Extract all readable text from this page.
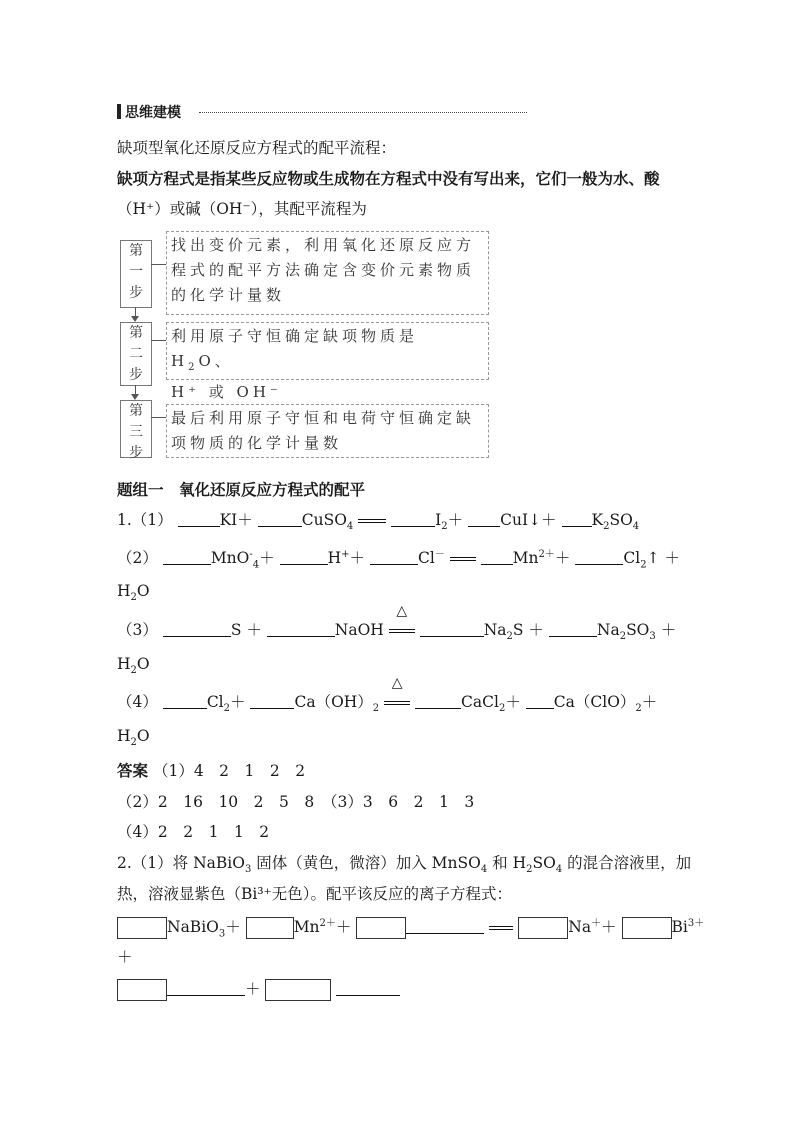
思维建模
缺项型氧化还原反应方程式的配平流程：
缺项方程式是指某些反应物或生成物在方程式中没有写出来，它们一般为水、酸
（H⁺）或碱（OH⁻），其配平流程为
第
一
步
找出变价元素，利用氧化还原反应方程式的配平方法确定含变价元素物质的化学计量数
第
二
步
利用原子守恒确定缺项物质是 $H_2O$、
H⁺ 或 OH⁻
第
三
步
最后利用原子守恒和电荷守恒确定缺项物质的化学计量数
题组一　氧化还原反应方程式的配平
1.（1）	KI＋	CuSO$_4$	$I_2+$ CuI↓＋ $K_2SO_4$
（2）	MnO-$_4$＋	H+＋	Cl－	$Mn^{2+}+$	$Cl_2↑$ ＋
$H_2O$
（3）	S ＋	NaOH
△
$Na_2S$ ＋	$Na_2SO_3$ ＋
$H_2O$
（4）	$Cl_2+$	$Ca(OH)_2$
△
CaCl$_2$＋ $Ca(ClO)_2+$
$H_2O$
答案 （1）4　2　1　2　2
（2）2　16　10　2　5　8　（3）3　6　2　1　3
（4）2　2　1　1　2
2.（1）将 NaBiO$_3$ 固体（黄色，微溶）加入 MnSO$_4$ 和 $H_2SO_4$ 的混合溶液里，加
热，溶液显紫色（Bi³⁺无色）。配平该反应的离子方程式：
NaBiO$_3$＋	$Mn^{2+}+$	Na＋＋	$Bi^{3+}$
＋
＋
